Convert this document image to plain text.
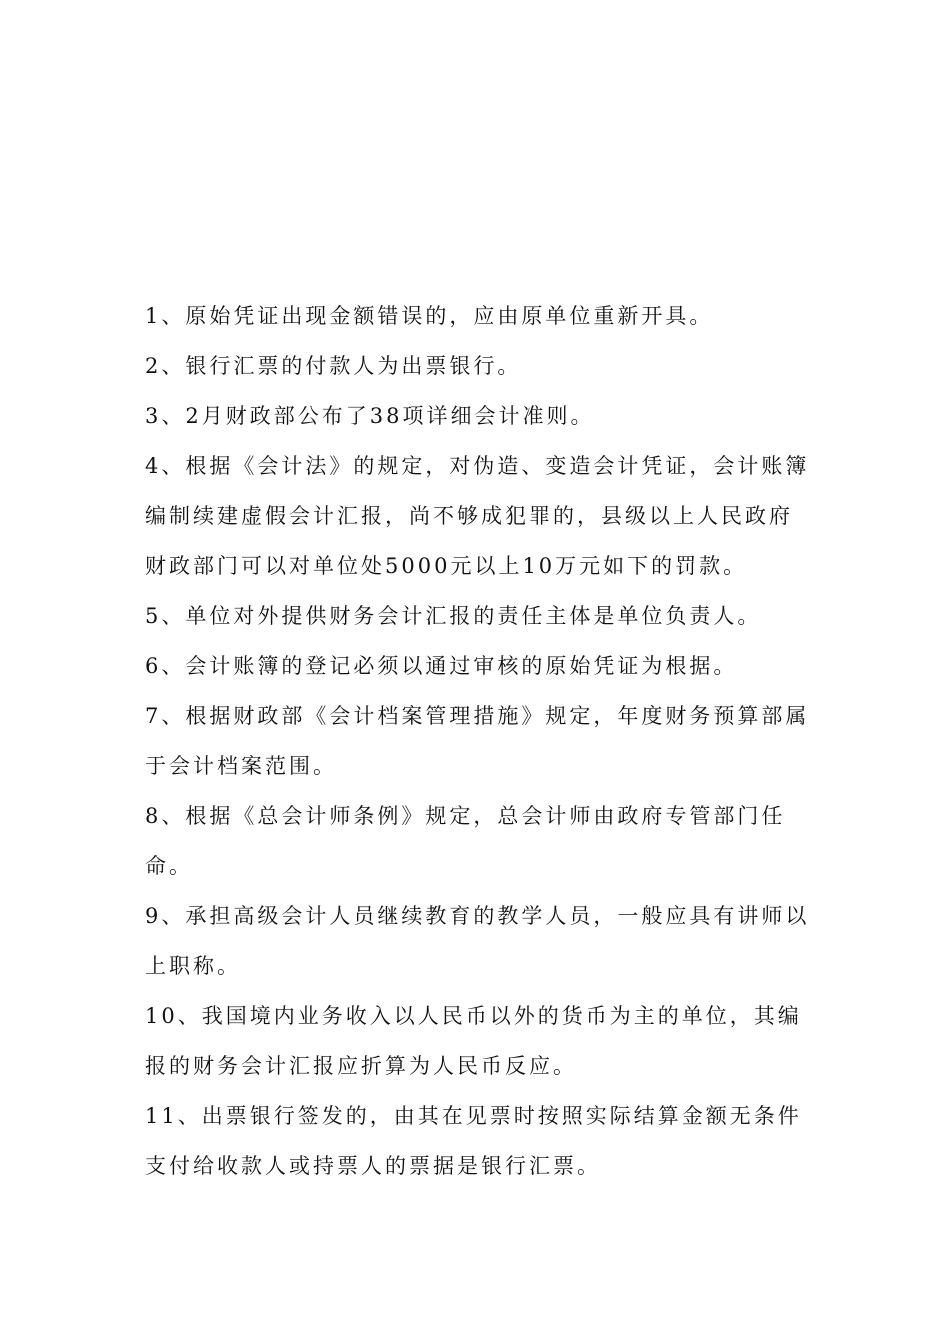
1、原始凭证出现金额错误的，应由原单位重新开具。

2、银行汇票的付款人为出票银行。

3、2月财政部公布了38项详细会计准则。

4、根据《会计法》的规定，对伪造、变造会计凭证，会计账簿编制续建虚假会计汇报，尚不够成犯罪的，县级以上人民政府财政部门可以对单位处5000元以上10万元如下的罚款。

5、单位对外提供财务会计汇报的责任主体是单位负责人。

6、会计账簿的登记必须以通过审核的原始凭证为根据。

7、根据财政部《会计档案管理措施》规定，年度财务预算部属于会计档案范围。

8、根据《总会计师条例》规定，总会计师由政府专管部门任命。

9、承担高级会计人员继续教育的教学人员，一般应具有讲师以上职称。

10、我国境内业务收入以人民币以外的货币为主的单位，其编报的财务会计汇报应折算为人民币反应。

11、出票银行签发的，由其在见票时按照实际结算金额无条件支付给收款人或持票人的票据是银行汇票。
